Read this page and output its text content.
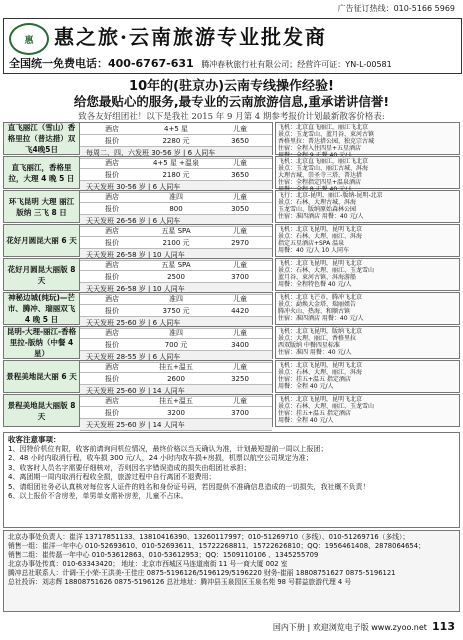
广告征订热线：010-5166 5969
惠	惠之旅·云南旅游专业批发商
全国统一免费电话：400-6767-631 腾冲春秋旅行社有限公司；经营许可证：YN-L-00581
10年的(驻京办)云南专线操作经验!
给您最贴心的服务,最专业的云南旅游信息,重承诺讲信誉!
致各友好组团社！以下是我社 2015 年 9 月第 4 期参考报价计划最新散客价格表:
直飞丽江（雪山）香格里拉（普达措）双飞4晚5日
酒店	4+5 星	儿童
报价	2280 元	3650
每周二、四、六发班 30-56 岁 | 6 人同车
直飞丽江，香格里拉，大理 4 晚 5 日
酒店	4+5 星 +温泉	儿童
报价	2180 元	3650
天天发班 30-56 岁 | 6 人同车
环飞昆明 大理 丽江 版纳 三飞 8 日
酒店	准四	儿童
报价	800	3050
天天发班 26-56 岁 | 6 人同车
花好月圆昆大丽 6 天
酒店	五星 SPA	儿童
报价	2100 元	2970
天天发班 26-58 岁 | 10 人同车
花好月圆昆大丽版 8 天
酒店	五星 SPA	儿童
报价	2500	3700
天天发班 26-58 岁 | 10 人同车
神秘边城(纯玩)—芒市、腾冲、瑞丽双飞 4 晚 5 日
酒店	准四	儿童
报价	3750 元	4420
天天发班 25-60 岁 | 6 人同车
昆明-大理-丽江-香格里拉-版纳（中餐 4 星）
酒店	准四	儿童
报价	700 元	3400
天天发班 28-55 岁 | 6 人同车
景程美地昆大丽 6 天
酒店	挂五+温五	儿童
报价	2600	3250
天天发班 25-60 岁 | 14 人同车
景程美地昆大丽版 8 天
酒店	挂五+温五	儿童
报价	3200	3700
天天发班 25-60 岁 | 14 人同车
飞机：北京直飞丽江，丽江飞北京
景点：玉龙雪山、蓝月谷、束河古镇
香格里拉：普达措公园、独克宗古城
住宿：全程入住四星+五星酒店
飞机：北京直飞丽江，丽江飞北京
景点：玉龙雪山、丽江古城、洱海
大理古城、崇圣寺三塔、普达措
住宿：全程指定四星+温泉酒店
飞行：北京-昆明，丽江-版纳-昆明-北京
景点：石林、大理古城、洱海
玉龙雪山、版纳原始森林公园
住宿：准四酒店 用餐：40 元/人
飞机：北京飞昆明，昆明飞北京
景点：石林、大理、丽江、洱海
指定五星酒店+SPA 温泉
用餐：40 元/人 10 人同车
飞机：北京飞昆明，昆明飞北京
景点：石林、大理、丽江、玉龙雪山
蓝月谷、束河古镇、洱海游船
用餐：全程特色餐 40 元/人
飞机：北京飞芒市，腾冲飞北京
景点：勐焕大金塔、瑞丽姐告
腾冲火山、热海、和顺古镇
住宿：准四酒店 用餐：40 元/人
飞机：北京飞昆明，版纳飞北京
景点：大理、丽江、香格里拉
西双版纳 中餐四星标准
住宿：准四 用餐：40 元/人
飞机：北京飞昆明，昆明飞北京
景点：石林、大理、丽江、洱海
住宿：挂五+温五 指定酒店
用餐：全程 40 元/人
飞机：北京飞昆明，昆明飞北京
景点：石林、大理、丽江、玉龙雪山
住宿：挂五+温五 指定酒店
用餐：全程 40 元/人
收客注意事项：
1、因特价机位有限，收客前请询问机位情况，最终价格以当天确认为准，计划最短提前一周以上报团；
2、48 小时内取消行程，收车损 300 元/人，24 小时内收车损+房损，机票以航空公司规定为准；
3、收客时人员名字需要仔细核对，否则因名字错误造成的损失由组团社承担；
4、离团期一周内取消行程收全损，旅游过程中自行离团不退费用；
5、请组团社务必认真核对每位客人证件的姓名和身份证号码，若因提供不准确信息造成的一切损失，我社概不负责！
6、以上报价不含房差，单男单女需补房差，儿童不占床。
北京办事处负责人：崔洋 13717851133、13810416390、13260117997；010-51269710（多线）、010-51269716（多线）；
销售一组：崔洋一年中心 010-52693610、010-52693611、15722268811、15722626810；QQ：1956461408、2878064654；
销售二组：崔传磊一年中心 010-53612863、010-53612953；QQ：1509110106 、1345255709
北京办事处传真：010-63343420； 地址：北京市西城区马连道南街 11 号一商大厦 002 室
腾冲总社联系人：计调-王小荣-王洪美-王佳庄 0875-5196126/5196129/5196220 财务-崔丽 18808751627 0875-5196121
总社投诉：刘志辉 18808751626 0875-5196126 总社地址：腾冲县玉泉园区玉泉名苑 98 号群益旅游代理 4 号
国内下册 | 欢迎浏览电子版 www.zyoo.net 113
